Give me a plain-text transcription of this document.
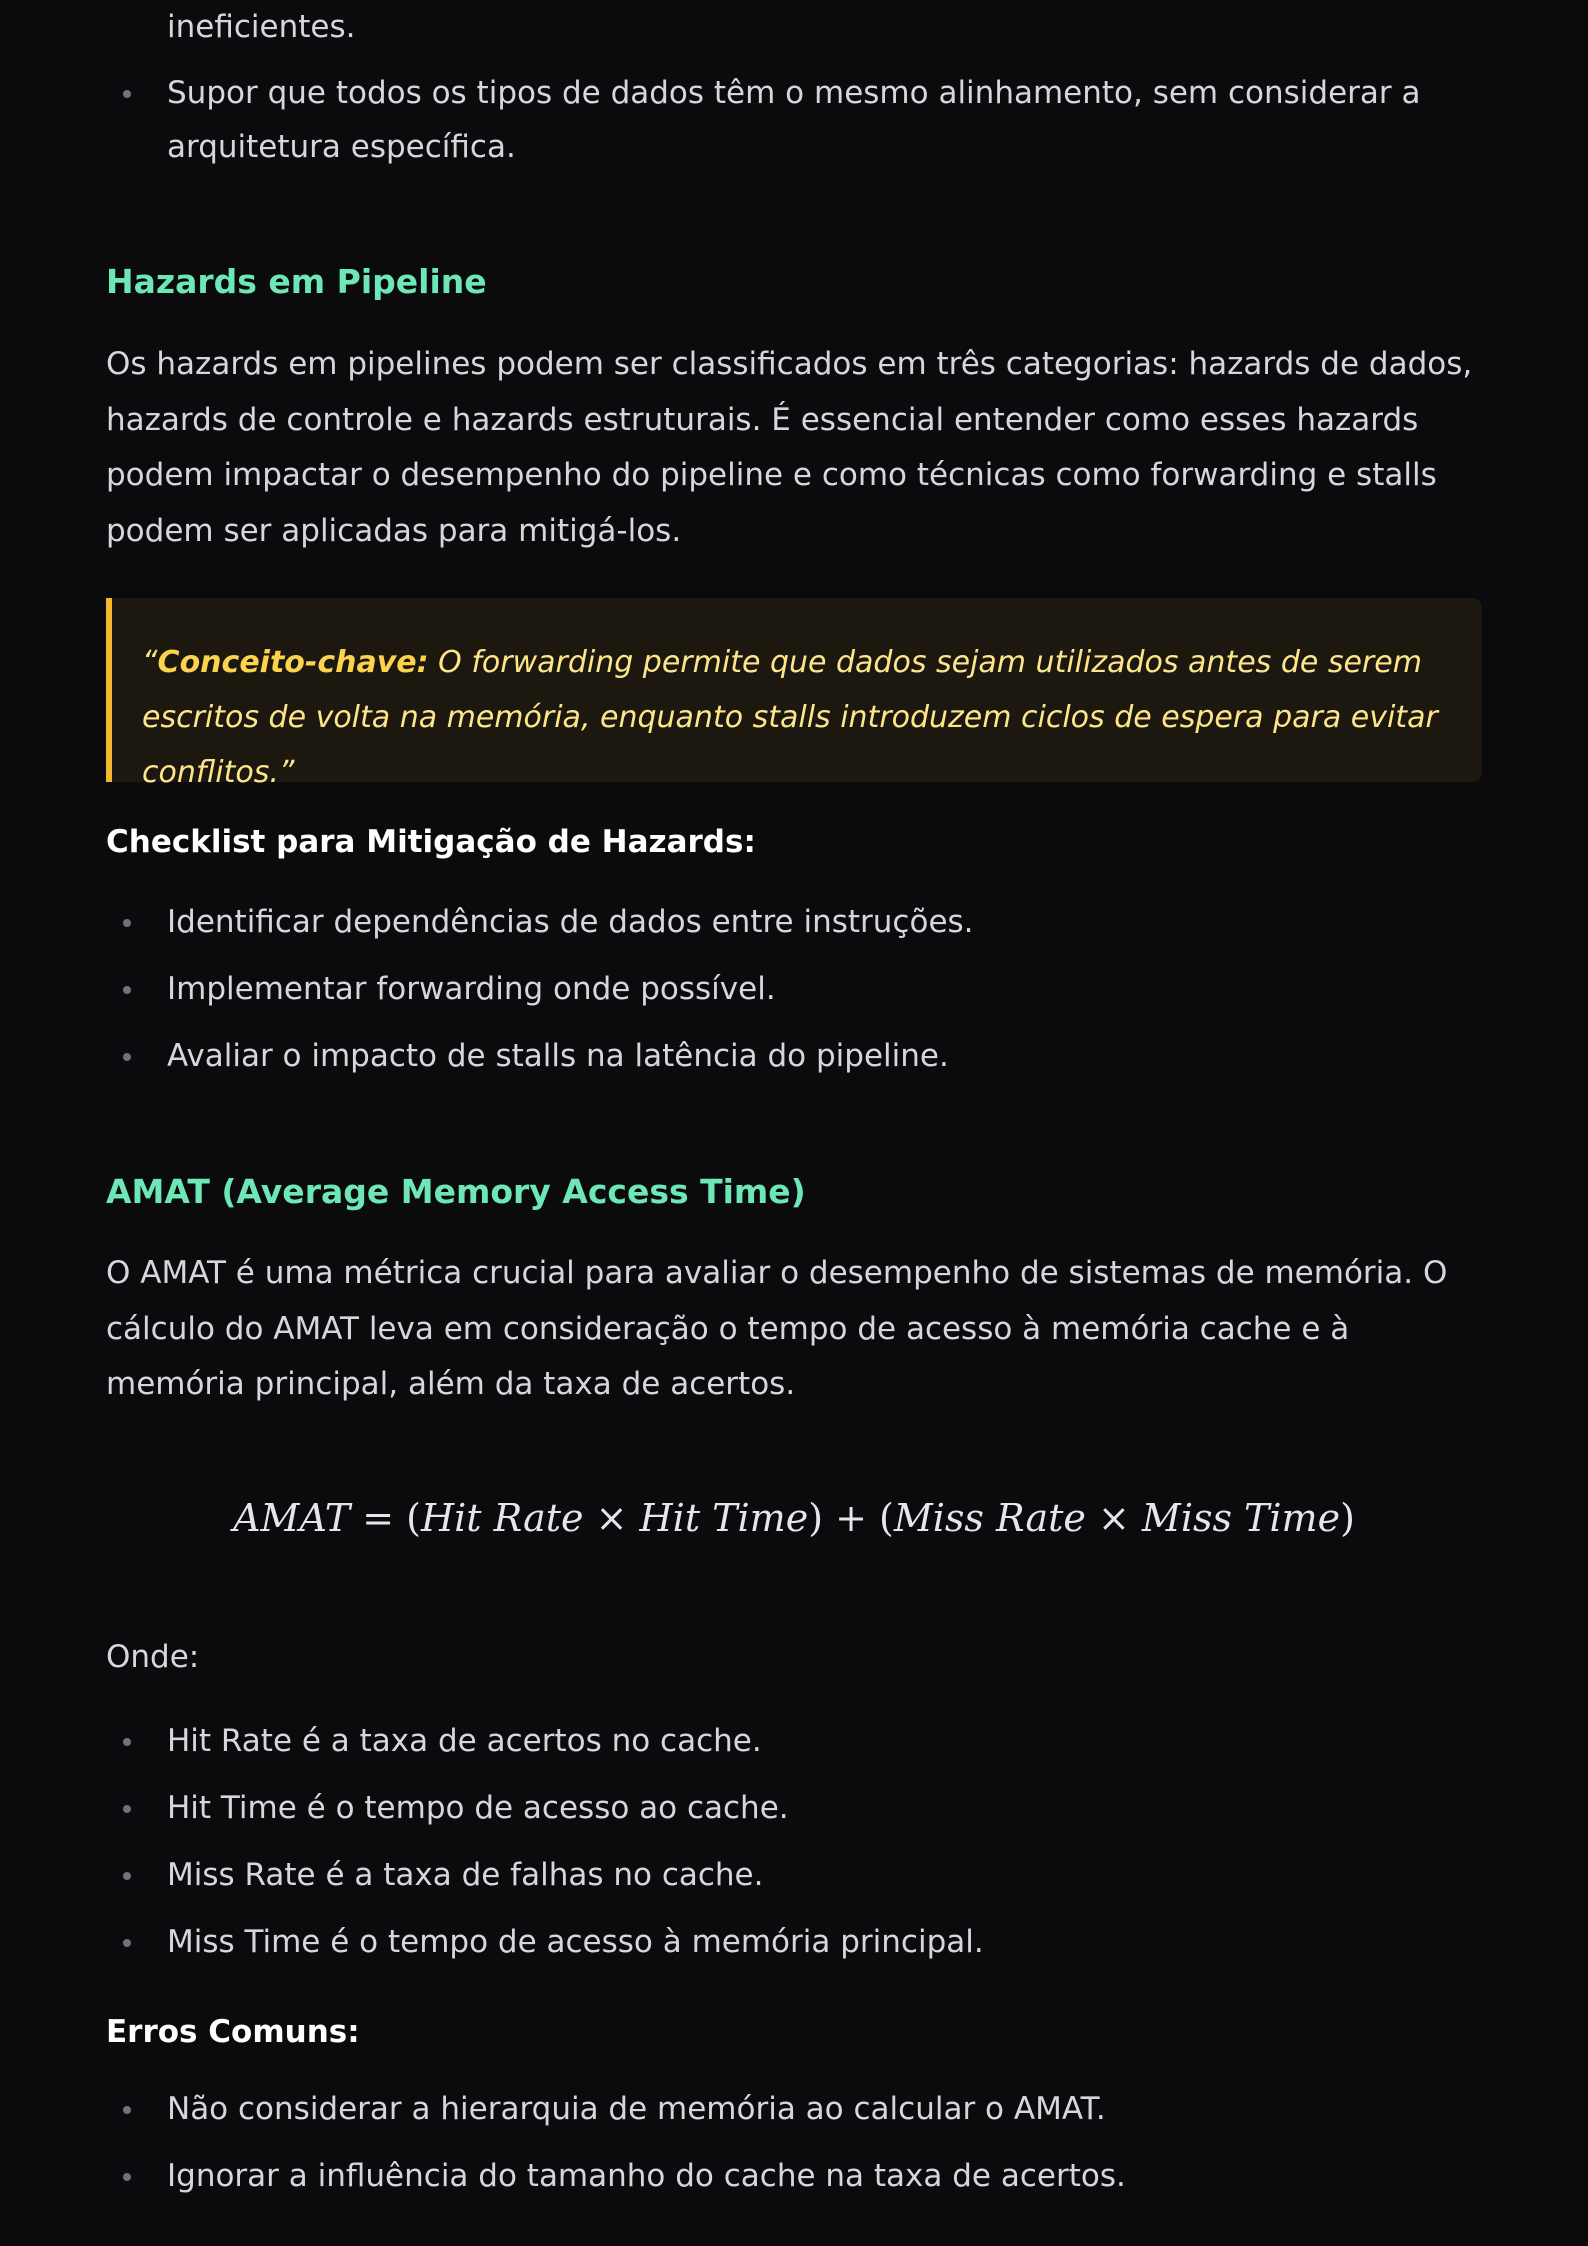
ineficientes.
Supor que todos os tipos de dados têm o mesmo alinhamento, sem considerar a arquitetura específica.
Hazards em Pipeline

Os hazards em pipelines podem ser classificados em três categorias: hazards de dados, hazards de controle e hazards estruturais. É essencial entender como esses hazards podem impactar o desempenho do pipeline e como técnicas como forwarding e stalls podem ser aplicadas para mitigá-los.

“Conceito-chave: O forwarding permite que dados sejam utilizados antes de serem escritos de volta na memória, enquanto stalls introduzem ciclos de espera para evitar conflitos.”

Checklist para Mitigação de Hazards:
Identificar dependências de dados entre instruções.
Implementar forwarding onde possível.
Avaliar o impacto de stalls na latência do pipeline.
AMAT (Average Memory Access Time)

O AMAT é uma métrica crucial para avaliar o desempenho de sistemas de memória. O cálculo do AMAT leva em consideração o tempo de acesso à memória cache e à memória principal, além da taxa de acertos.

AMAT = (Hit Rate × Hit Time) + (Miss Rate × Miss Time)
Onde:
Hit Rate é a taxa de acertos no cache.
Hit Time é o tempo de acesso ao cache.
Miss Rate é a taxa de falhas no cache.
Miss Time é o tempo de acesso à memória principal.
Erros Comuns:
Não considerar a hierarquia de memória ao calcular o AMAT.
Ignorar a influência do tamanho do cache na taxa de acertos.
